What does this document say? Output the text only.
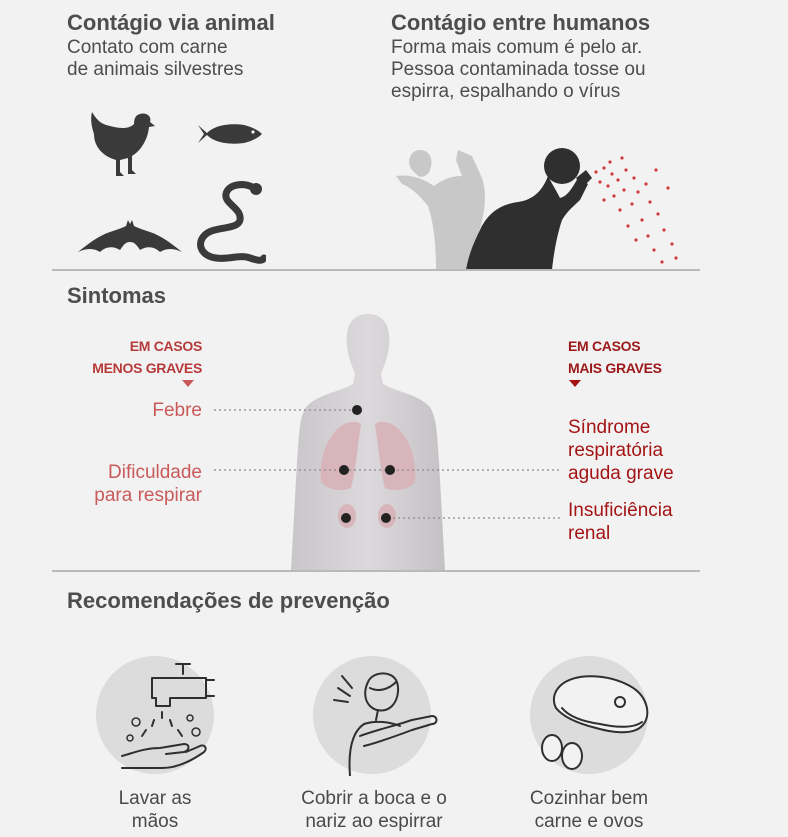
Contágio via animal
Contato com carne
de animais silvestres
Contágio entre humanos
Forma mais comum é pelo ar.
Pessoa contaminada tosse ou
espirra, espalhando o vírus
Sintomas
EM CASOS
MENOS GRAVES
EM CASOS
MAIS GRAVES
Febre
Dificuldade
para respirar
Síndrome
respiratória
aguda grave
Insuficiência
renal
Recomendações de prevenção
Lavar as
mãos
Cobrir a boca e o
nariz ao espirrar
Cozinhar bem
carne e ovos
